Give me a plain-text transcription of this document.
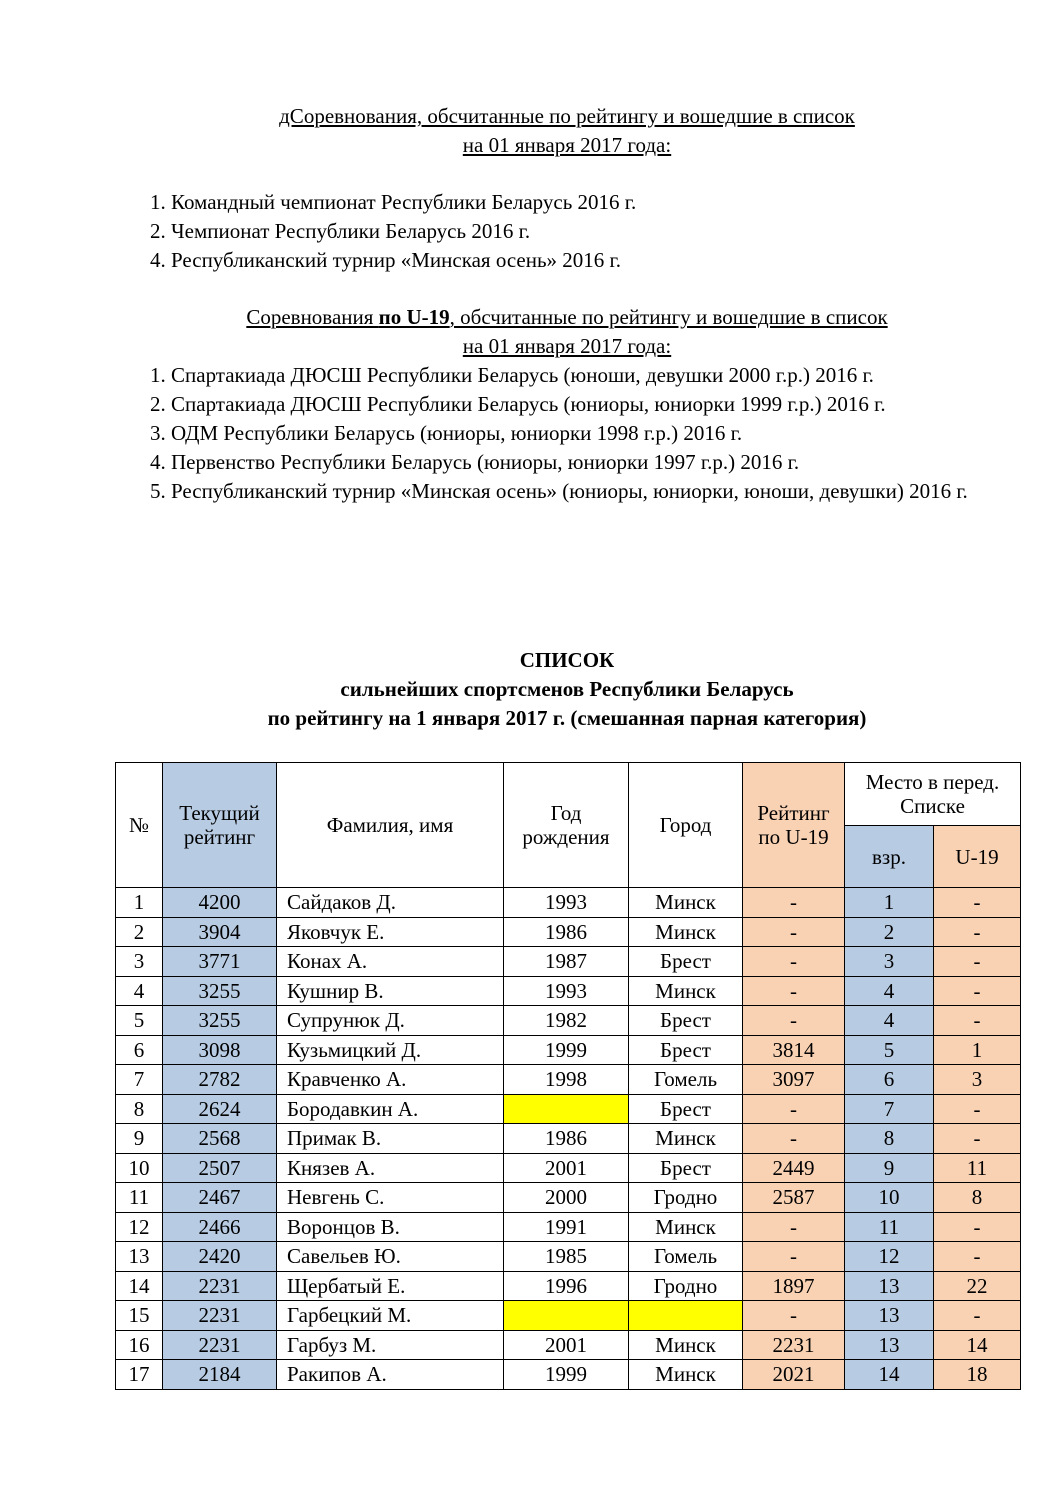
дСоревнования, обсчитанные по рейтингу и вошедшие в список
на 01 января 2017 года:

1. Командный чемпионат Республики Беларусь 2016 г.

2. Чемпионат Республики Беларусь 2016 г.

4. Республиканский турнир «Минская осень» 2016 г.

Соревнования по U-19, обсчитанные по рейтингу и вошедшие в список
на 01 января 2017 года:

1. Спартакиада ДЮСШ Республики Беларусь (юноши, девушки 2000 г.р.) 2016 г.

2. Спартакиада ДЮСШ Республики Беларусь (юниоры, юниорки 1999 г.р.) 2016 г.

3. ОДМ Республики Беларусь (юниоры, юниорки 1998 г.р.) 2016 г.

4. Первенство Республики Беларусь (юниоры, юниорки 1997 г.р.) 2016 г.

5. Республиканский турнир «Минская осень» (юниоры, юниорки, юноши, девушки) 2016 г.

СПИСОК
сильнейших спортсменов Республики Беларусь
по рейтингу на 1 января 2017 г. (смешанная парная категория)
№	Текущий рейтинг	Фамилия, имя	Год рождения	Город	Рейтинг по U-19	Место в перед. Списке	
						взр.	U-19
1	4200	Сайдаков Д.	1993	Минск	-	1	-
2	3904	Яковчук Е.	1986	Минск	-	2	-
3	3771	Конах А.	1987	Брест	-	3	-
4	3255	Кушнир В.	1993	Минск	-	4	-
5	3255	Супрунюк Д.	1982	Брест	-	4	-
6	3098	Кузьмицкий Д.	1999	Брест	3814	5	1
7	2782	Кравченко А.	1998	Гомель	3097	6	3
8	2624	Бородавкин А.		Брест	-	7	-
9	2568	Примак В.	1986	Минск	-	8	-
10	2507	Князев А.	2001	Брест	2449	9	11
11	2467	Невгень С.	2000	Гродно	2587	10	8
12	2466	Воронцов В.	1991	Минск	-	11	-
13	2420	Савельев Ю.	1985	Гомель	-	12	-
14	2231	Щербатый Е.	1996	Гродно	1897	13	22
15	2231	Гарбецкий М.			-	13	-
16	2231	Гарбуз М.	2001	Минск	2231	13	14
17	2184	Ракипов А.	1999	Минск	2021	14	18
